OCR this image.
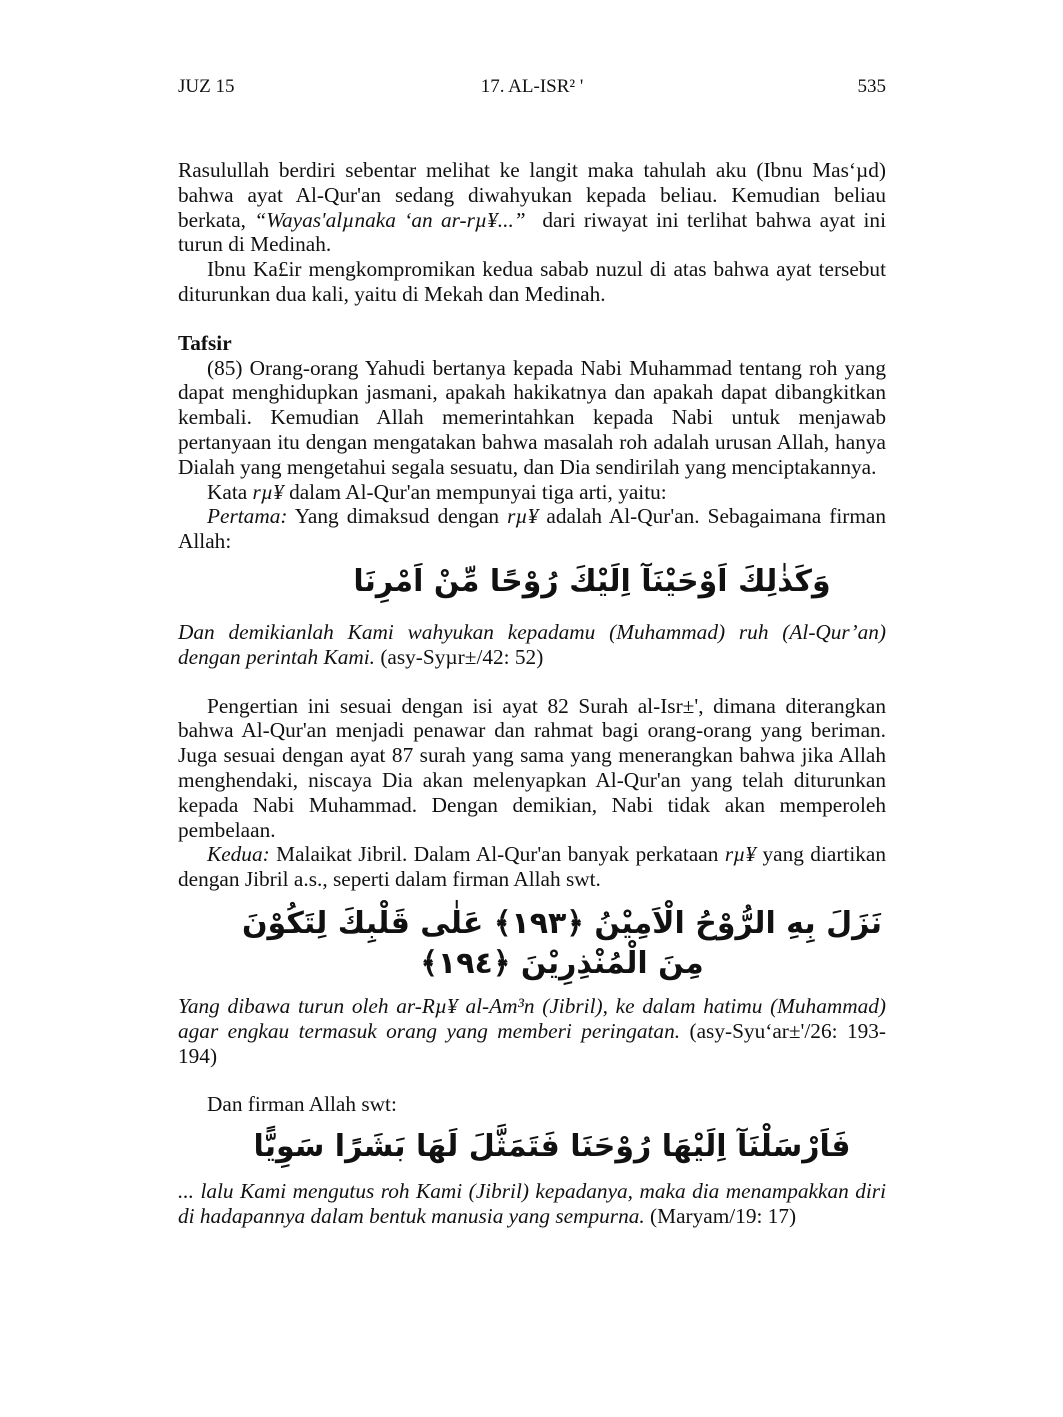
JUZ 15	17. AL-ISR² '	535

Rasulullah berdiri sebentar melihat ke langit maka tahulah aku (Ibnu Mas‘µd) bahwa ayat Al-Qur'an sedang diwahyukan kepada beliau. Kemudian beliau berkata, “Wayas'alµnaka ‘an ar-rµ¥...” dari riwayat ini terlihat bahwa ayat ini turun di Medinah.

Ibnu Ka£ir mengkompromikan kedua sabab nuzul di atas bahwa ayat tersebut diturunkan dua kali, yaitu di Mekah dan Medinah.

Tafsir

(85) Orang-orang Yahudi bertanya kepada Nabi Muhammad tentang roh yang dapat menghidupkan jasmani, apakah hakikatnya dan apakah dapat dibangkitkan kembali. Kemudian Allah memerintahkan kepada Nabi untuk menjawab pertanyaan itu dengan mengatakan bahwa masalah roh adalah urusan Allah, hanya Dialah yang mengetahui segala sesuatu, dan Dia sendirilah yang menciptakannya.

Kata rµ¥ dalam Al-Qur'an mempunyai tiga arti, yaitu:

Pertama: Yang dimaksud dengan rµ¥ adalah Al-Qur'an. Sebagaimana firman Allah:

وَكَذٰلِكَ اَوْحَيْنَآ اِلَيْكَ رُوْحًا مِّنْ اَمْرِنَا

Dan demikianlah Kami wahyukan kepadamu (Muhammad) ruh (Al-Qur’an) dengan perintah Kami. (asy-Syµr±/42: 52)

Pengertian ini sesuai dengan isi ayat 82 Surah al-Isr±', dimana diterangkan bahwa Al-Qur'an menjadi penawar dan rahmat bagi orang-orang yang beriman. Juga sesuai dengan ayat 87 surah yang sama yang menerangkan bahwa jika Allah menghendaki, niscaya Dia akan melenyapkan Al-Qur'an yang telah diturunkan kepada Nabi Muhammad. Dengan demikian, Nabi tidak akan memperoleh pembelaan.

Kedua: Malaikat Jibril. Dalam Al-Qur'an banyak perkataan rµ¥ yang diartikan dengan Jibril a.s., seperti dalam firman Allah swt.

نَزَلَ بِهِ الرُّوْحُ الْاَمِيْنُ ﴿١٩٣﴾ عَلٰى قَلْبِكَ لِتَكُوْنَ مِنَ الْمُنْذِرِيْنَ ﴿١٩٤﴾

Yang dibawa turun oleh ar-Rµ¥ al-Am³n (Jibril), ke dalam hatimu (Muhammad) agar engkau termasuk orang yang memberi peringatan. (asy-Syu‘ar±'/26: 193-194)

Dan firman Allah swt:

فَاَرْسَلْنَآ اِلَيْهَا رُوْحَنَا فَتَمَثَّلَ لَهَا بَشَرًا سَوِيًّا

... lalu Kami mengutus roh Kami (Jibril) kepadanya, maka dia menampakkan diri di hadapannya dalam bentuk manusia yang sempurna. (Maryam/19: 17)
